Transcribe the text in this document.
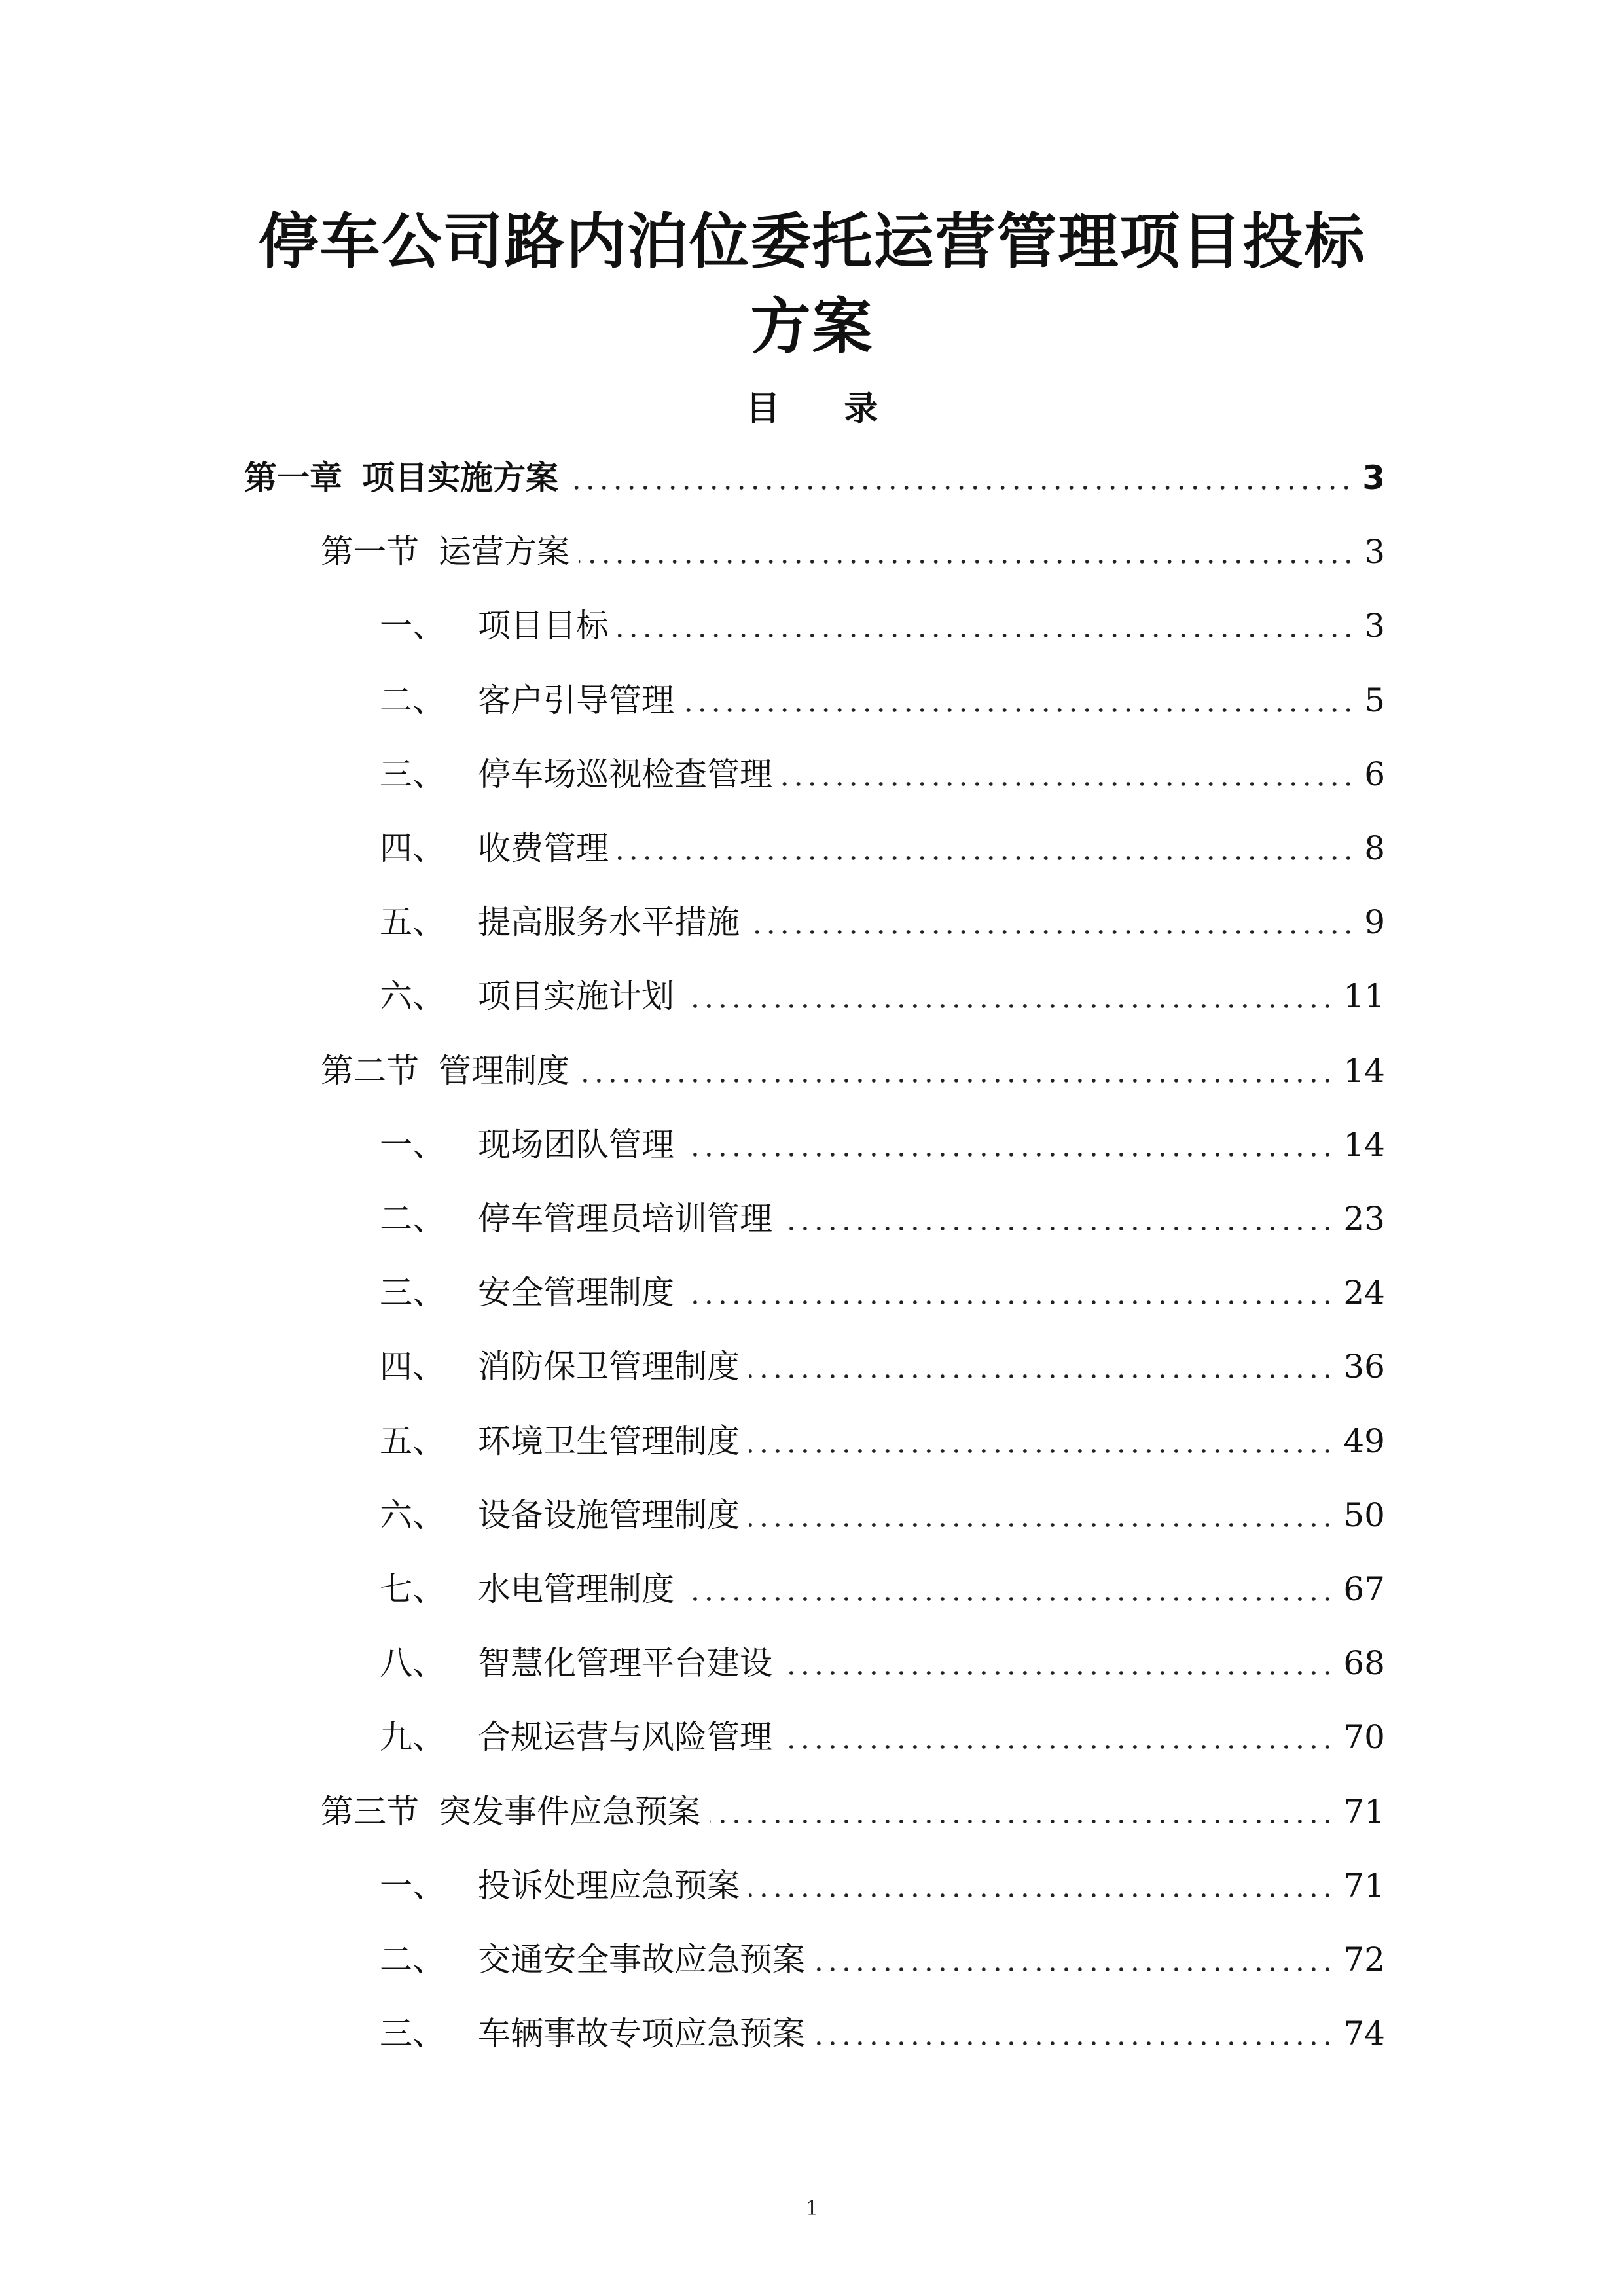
停车公司路内泊位委托运营管理项目投标
方案
目 录
第一章 项目实施方案	3
第一节 运营方案	3
一、	项目目标	3
二、	客户引导管理	5
三、	停车场巡视检查管理	6
四、	收费管理	8
五、	提高服务水平措施	9
六、	项目实施计划	11
第二节 管理制度	14
一、	现场团队管理	14
二、	停车管理员培训管理	23
三、	安全管理制度	24
四、	消防保卫管理制度	36
五、	环境卫生管理制度	49
六、	设备设施管理制度	50
七、	水电管理制度	67
八、	智慧化管理平台建设	68
九、	合规运营与风险管理	70
第三节 突发事件应急预案	71
一、	投诉处理应急预案	71
二、	交通安全事故应急预案	72
三、	车辆事故专项应急预案	74
1
